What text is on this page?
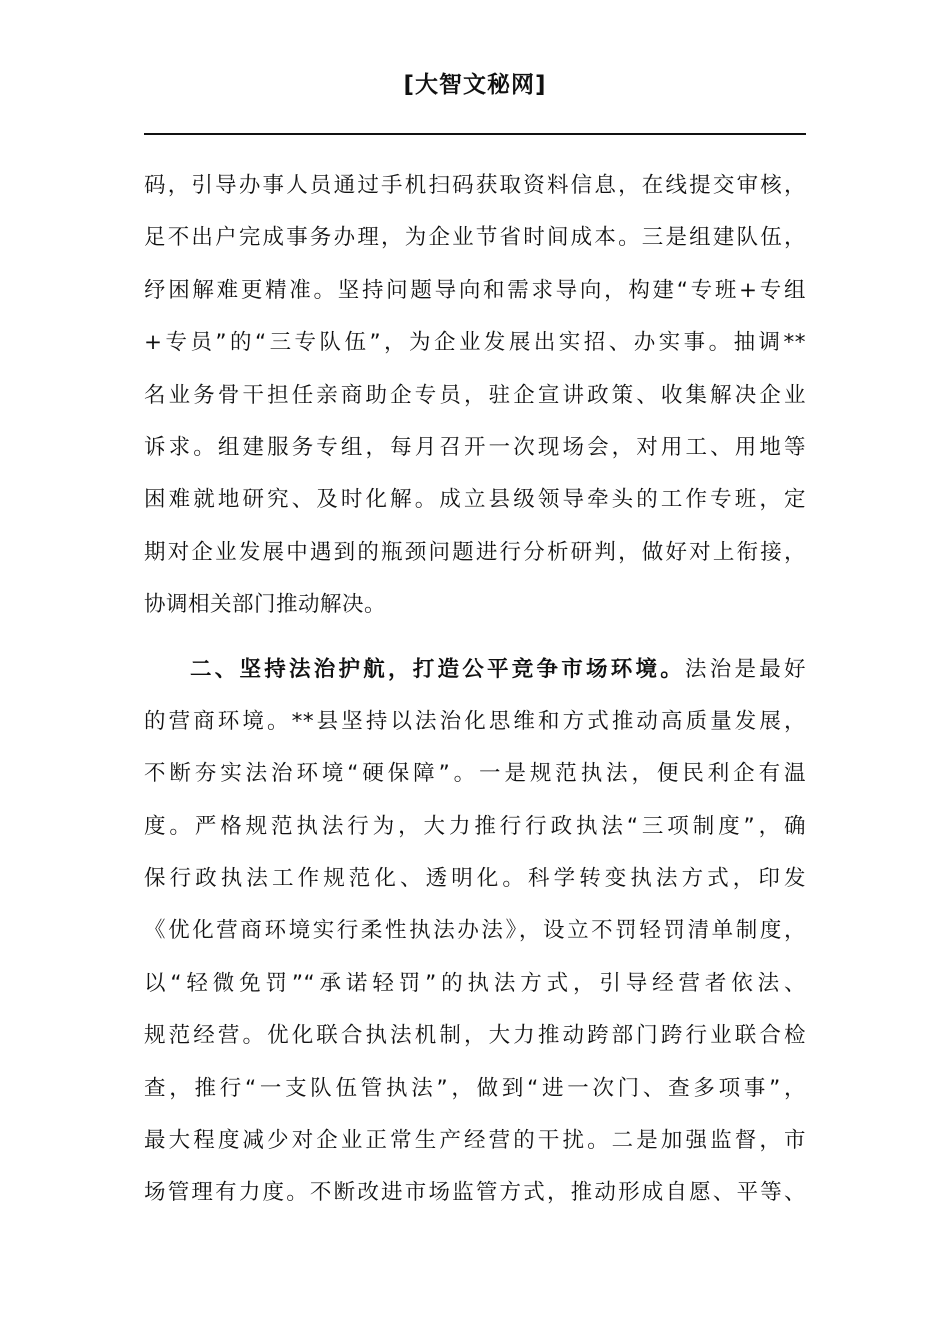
[大智文秘网]
码，引导办事人员通过手机扫码获取资料信息，在线提交审核，
足不出户完成事务办理，为企业节省时间成本。三是组建队伍，
纾困解难更精准。坚持问题导向和需求导向，构建“专班+专组
+专员”的“三专队伍”，为企业发展出实招、办实事。抽调**
名业务骨干担任亲商助企专员，驻企宣讲政策、收集解决企业
诉求。组建服务专组，每月召开一次现场会，对用工、用地等
困难就地研究、及时化解。成立县级领导牵头的工作专班，定
期对企业发展中遇到的瓶颈问题进行分析研判，做好对上衔接，
协调相关部门推动解决。
二、坚持法治护航，打造公平竞争市场环境。法治是最好
的营商环境。**县坚持以法治化思维和方式推动高质量发展，
不断夯实法治环境“硬保障”。一是规范执法，便民利企有温
度。严格规范执法行为，大力推行行政执法“三项制度”，确
保行政执法工作规范化、透明化。科学转变执法方式，印发
《优化营商环境实行柔性执法办法》，设立不罚轻罚清单制度，
以“轻微免罚”“承诺轻罚”的执法方式，引导经营者依法、
规范经营。优化联合执法机制，大力推动跨部门跨行业联合检
查，推行“一支队伍管执法”，做到“进一次门、查多项事”，
最大程度减少对企业正常生产经营的干扰。二是加强监督，市
场管理有力度。不断改进市场监管方式，推动形成自愿、平等、
